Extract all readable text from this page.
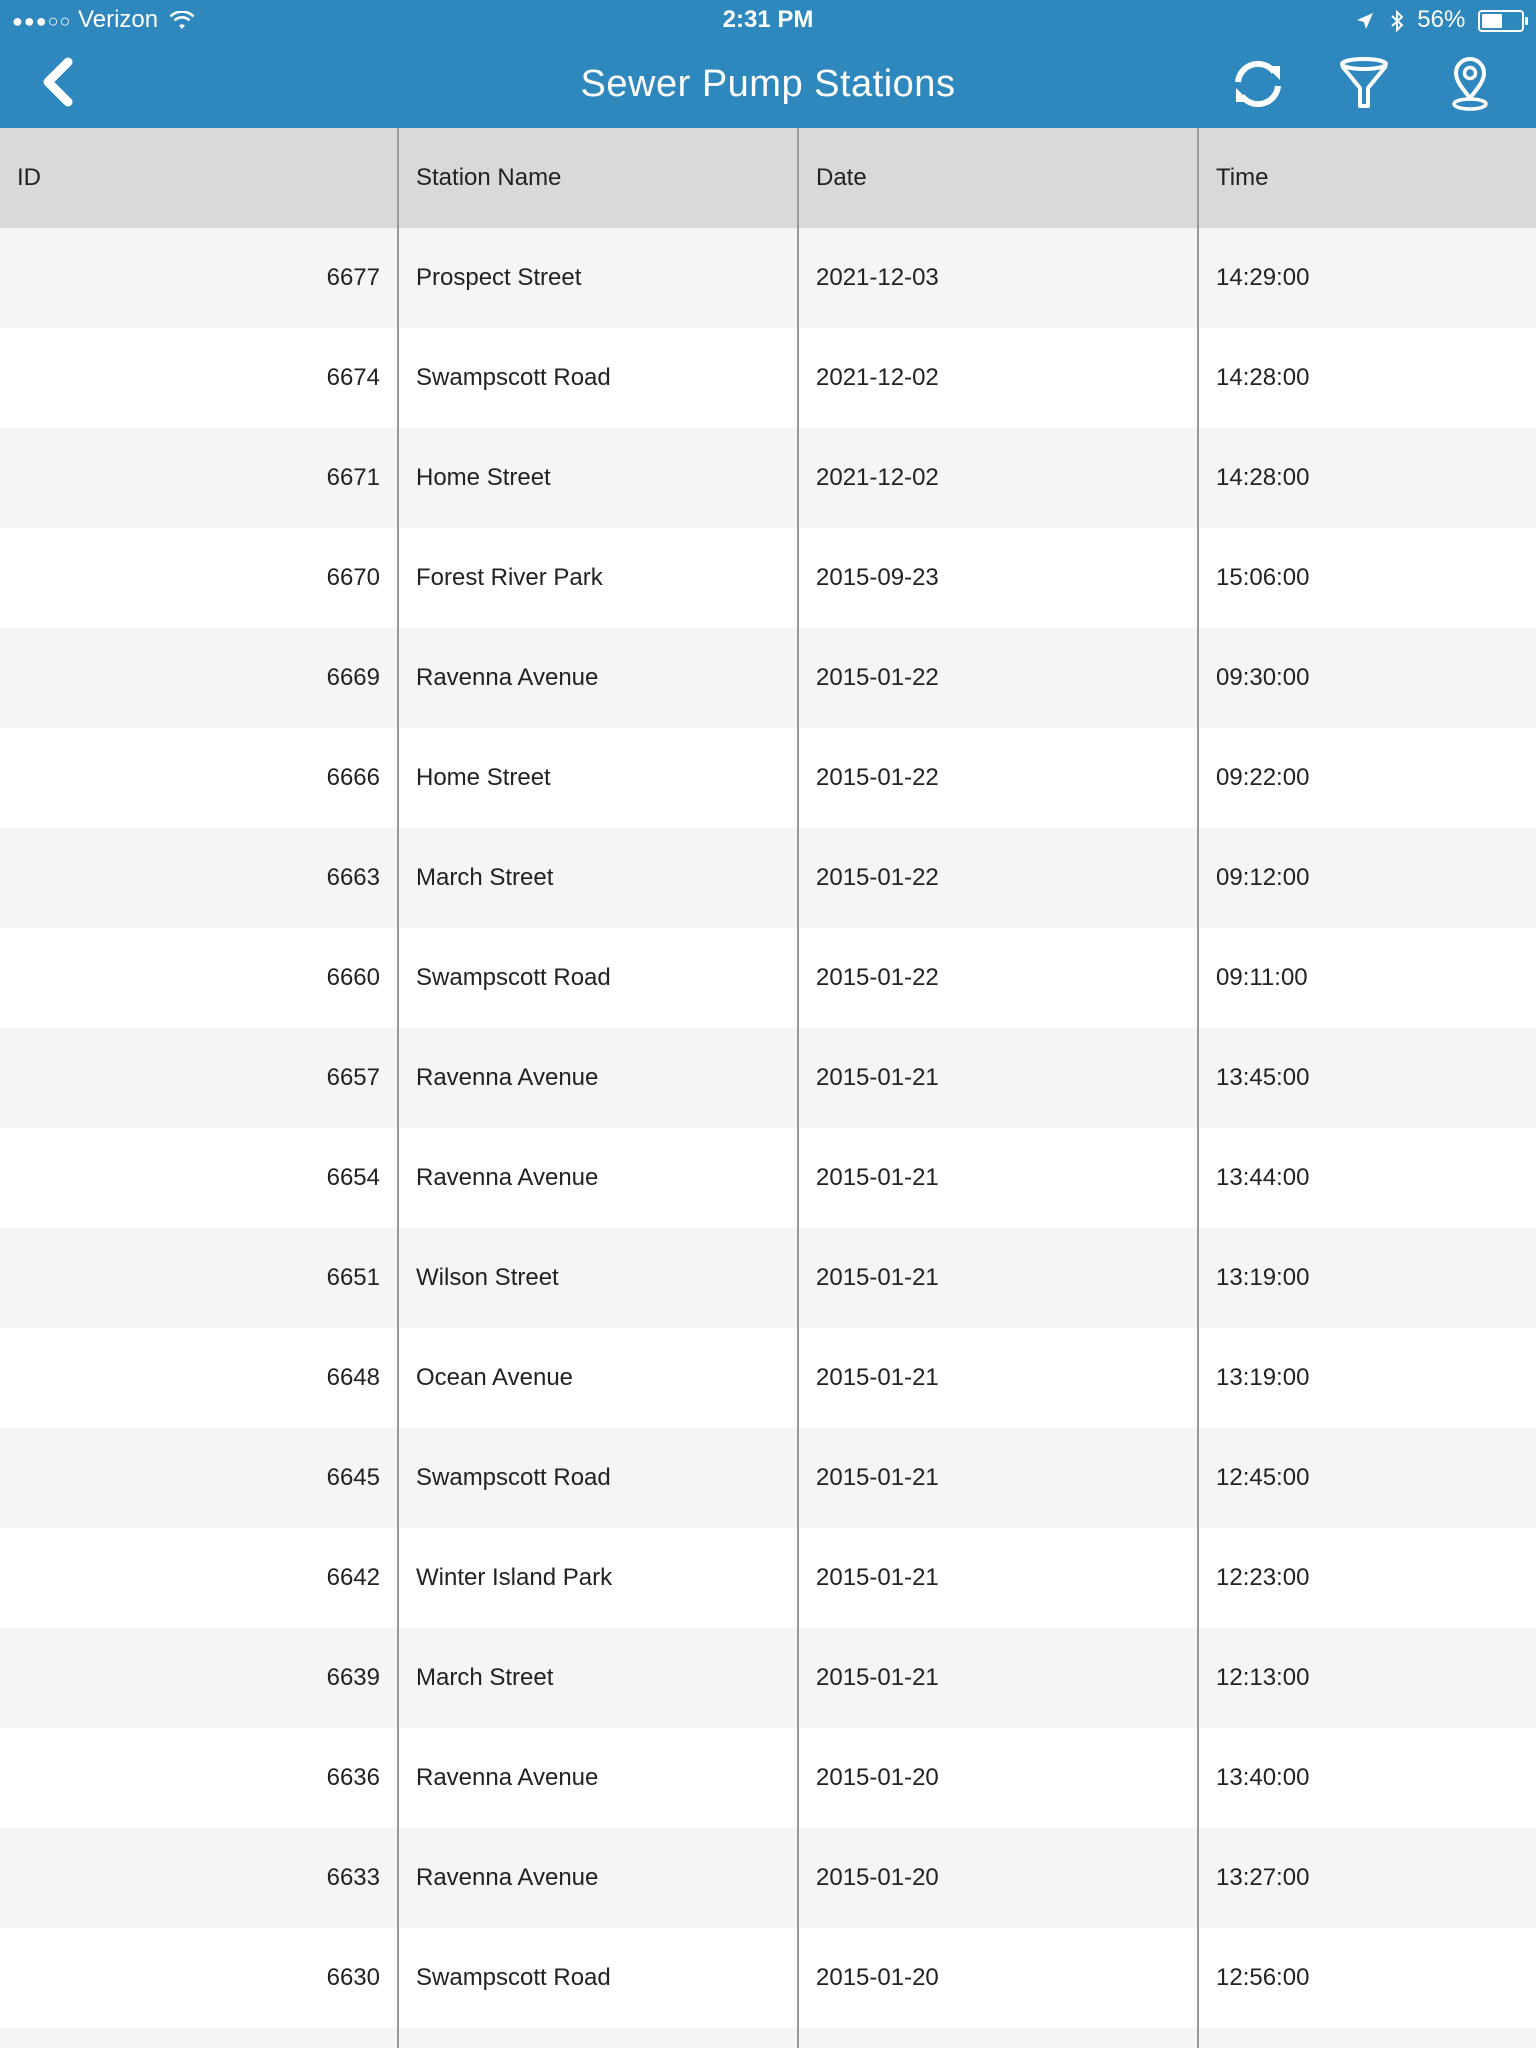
●●●○○ Verizon	2:31 PM	56%
Sewer Pump Stations
ID	Station Name	Date	Time
6677	Prospect Street	2021-12-03	14:29:00
6674	Swampscott Road	2021-12-02	14:28:00
6671	Home Street	2021-12-02	14:28:00
6670	Forest River Park	2015-09-23	15:06:00
6669	Ravenna Avenue	2015-01-22	09:30:00
6666	Home Street	2015-01-22	09:22:00
6663	March Street	2015-01-22	09:12:00
6660	Swampscott Road	2015-01-22	09:11:00
6657	Ravenna Avenue	2015-01-21	13:45:00
6654	Ravenna Avenue	2015-01-21	13:44:00
6651	Wilson Street	2015-01-21	13:19:00
6648	Ocean Avenue	2015-01-21	13:19:00
6645	Swampscott Road	2015-01-21	12:45:00
6642	Winter Island Park	2015-01-21	12:23:00
6639	March Street	2015-01-21	12:13:00
6636	Ravenna Avenue	2015-01-20	13:40:00
6633	Ravenna Avenue	2015-01-20	13:27:00
6630	Swampscott Road	2015-01-20	12:56:00
